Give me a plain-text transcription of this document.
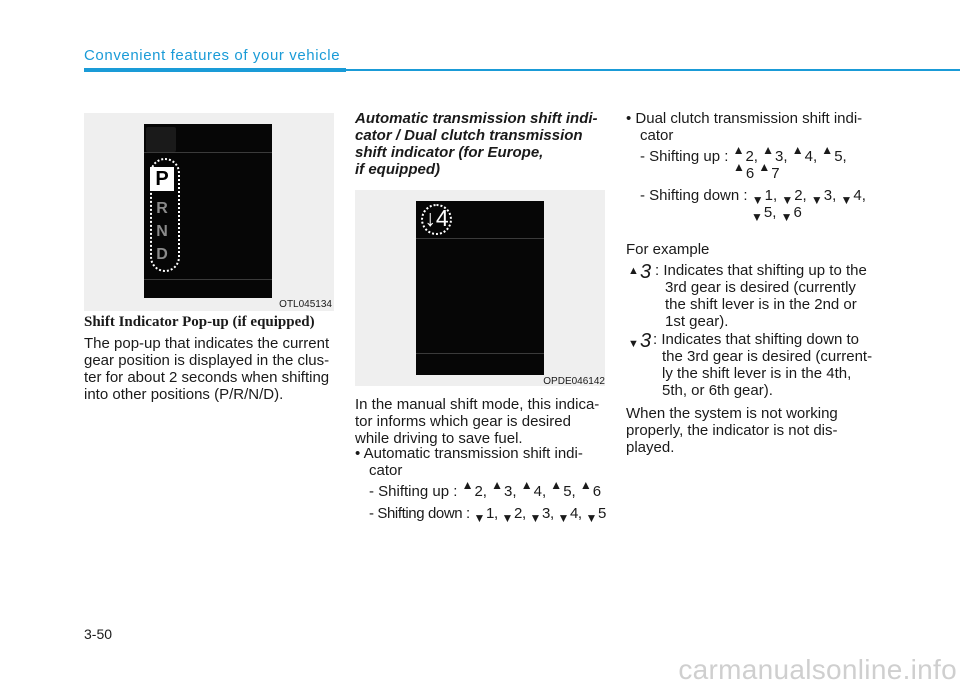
Convenient features of your vehicle
P
R
N
D
OTL045134
↓4
OPDE046142
Shift Indicator Pop-up (if equipped)
The pop-up that indicates the current
gear position is displayed in the clus-
ter for about 2 seconds when shifting
into other positions (P/R/N/D).
Automatic transmission shift indi-
cator / Dual clutch transmission
shift indicator (for Europe,
if equipped)
In the manual shift mode, this indica-
tor informs which gear is desired
while driving to save fuel.
• Automatic transmission shift indi-
cator
- Shifting up : ▲2, ▲3, ▲4, ▲5, ▲6
- Shifting down : ▼1, ▼2, ▼3, ▼4, ▼5
• Dual clutch transmission shift indi-
cator
- Shifting up : ▲2, ▲3, ▲4, ▲5,
▲6 ▲7
- Shifting down : ▼1, ▼2, ▼3, ▼4,
▼5, ▼6
For example
▲ 3 : Indicates that shifting up to the
3rd gear is desired (currently
the shift lever is in the 2nd or
1st gear).
▼ 3 : Indicates that shifting down to
the 3rd gear is desired (current-
ly the shift lever is in the 4th,
5th, or 6th gear).
When the system is not working
properly, the indicator is not dis-
played.
3-50
carmanualsonline.info
